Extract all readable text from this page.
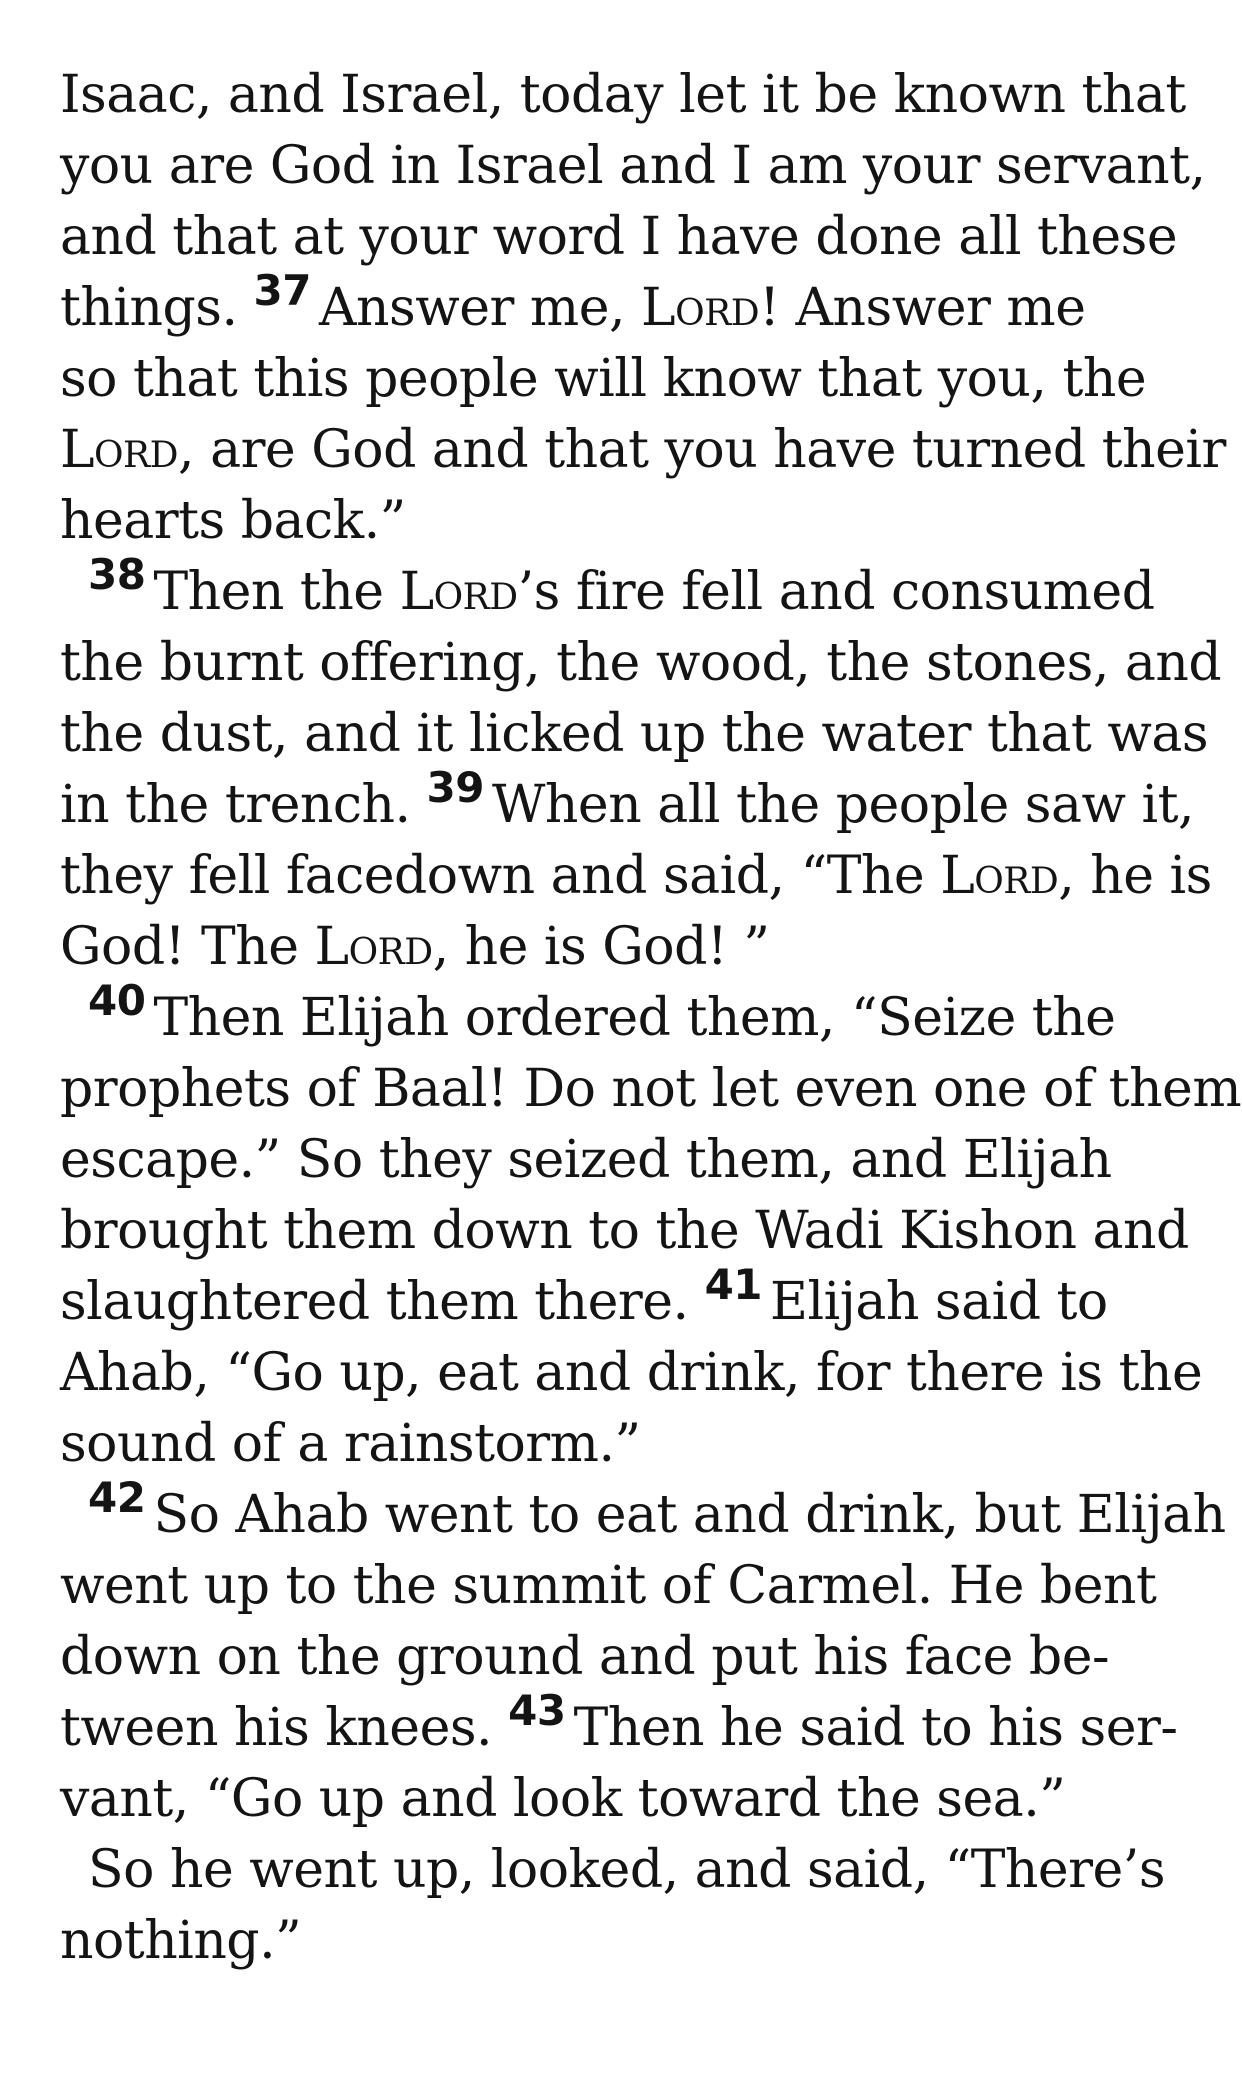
Isaac, and Israel, today let it be known that
you are God in Israel and I am your servant,
and that at your word I have done all these
things. $^{37}$ Answer me, Lord! Answer me
so that this people will know that you, the
Lord, are God and that you have turned their
hearts back.”
$^{38}$ Then the Lord’s fire fell and consumed
the burnt offering, the wood, the stones, and
the dust, and it licked up the water that was
in the trench. $^{39}$ When all the people saw it,
they fell facedown and said, “The Lord, he is
God! The Lord, he is God! ”
$^{40}$ Then Elijah ordered them, “Seize the
prophets of Baal! Do not let even one of them
escape.” So they seized them, and Elijah
brought them down to the Wadi Kishon and
slaughtered them there. $^{41}$ Elijah said to
Ahab, “Go up, eat and drink, for there is the
sound of a rainstorm.”
$^{42}$ So Ahab went to eat and drink, but Elijah
went up to the summit of Carmel. He bent
down on the ground and put his face be-
tween his knees. $^{43}$ Then he said to his ser-
vant, “Go up and look toward the sea.”
So he went up, looked, and said, “There’s
nothing.”
